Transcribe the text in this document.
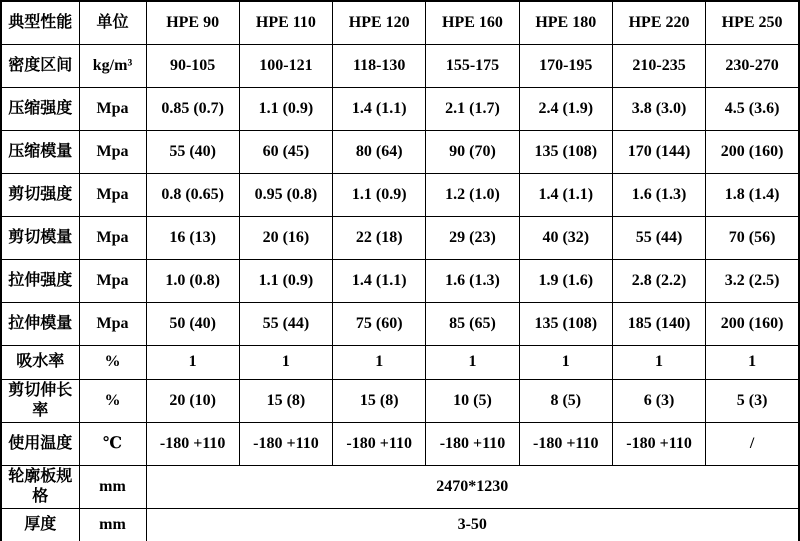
典型性能	单位	HPE 90	HPE 110	HPE 120	HPE 160	HPE 180	HPE 220	HPE 250
密度区间	kg/m³	90-105	100-121	118-130	155-175	170-195	210-235	230-270
压缩强度	Mpa	0.85 (0.7)	1.1 (0.9)	1.4 (1.1)	2.1 (1.7)	2.4 (1.9)	3.8 (3.0)	4.5 (3.6)
压缩模量	Mpa	55 (40)	60 (45)	80 (64)	90 (70)	135 (108)	170 (144)	200 (160)
剪切强度	Mpa	0.8 (0.65)	0.95 (0.8)	1.1 (0.9)	1.2 (1.0)	1.4 (1.1)	1.6 (1.3)	1.8 (1.4)
剪切模量	Mpa	16 (13)	20 (16)	22 (18)	29 (23)	40 (32)	55 (44)	70 (56)
拉伸强度	Mpa	1.0 (0.8)	1.1 (0.9)	1.4 (1.1)	1.6 (1.3)	1.9 (1.6)	2.8 (2.2)	3.2 (2.5)
拉伸模量	Mpa	50 (40)	55 (44)	75 (60)	85 (65)	135 (108)	185 (140)	200 (160)
吸水率	%	1	1	1	1	1	1	1
剪切伸长率	%	20 (10)	15 (8)	15 (8)	10 (5)	8 (5)	6 (3)	5 (3)
使用温度	℃	-180 +110	-180 +110	-180 +110	-180 +110	-180 +110	-180 +110	/
轮廓板规格	mm	2470*1230						
厚度	mm	3-50						
